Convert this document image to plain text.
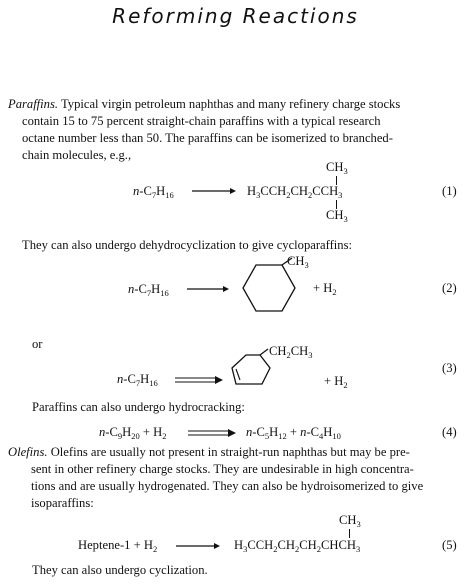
Reforming Reactions
Paraffins. Typical virgin petroleum naphthas and many refinery charge stocks
contain 15 to 75 percent straight-chain paraffins with a typical research
octane number less than 50. The paraffins can be isomerized to branched-
chain molecules, e.g.,
$n-C_7H_{16}$
$CH_3$
$H_3CCH_2CH_2CCH_3$
$CH_3$
(1)
They can also undergo dehydrocyclization to give cycloparaffins:
$n-C_7H_{16}$
$CH_3$
+ $H_2$	(2)
or
$n-C_7H_{16}$
$CH_2CH_3$
+ $H_2$
(3)
Paraffins can also undergo hydrocracking:
$n-C_9H_{20} + H_2$	$n-C_5H_{12} + n-C_4H_{10}$	(4)
Olefins. Olefins are usually not present in straight-run naphthas but may be pre-
sent in other refinery charge stocks. They are undesirable in high concentra-
tions and are usually hydrogenated. They can also be hydroisomerized to give
isoparaffins:
$CH_3$
Heptene-1 + $H_2$	$H_3CCH_2CH_2CH_2CHCH_3$	(5)
They can also undergo cyclization.
